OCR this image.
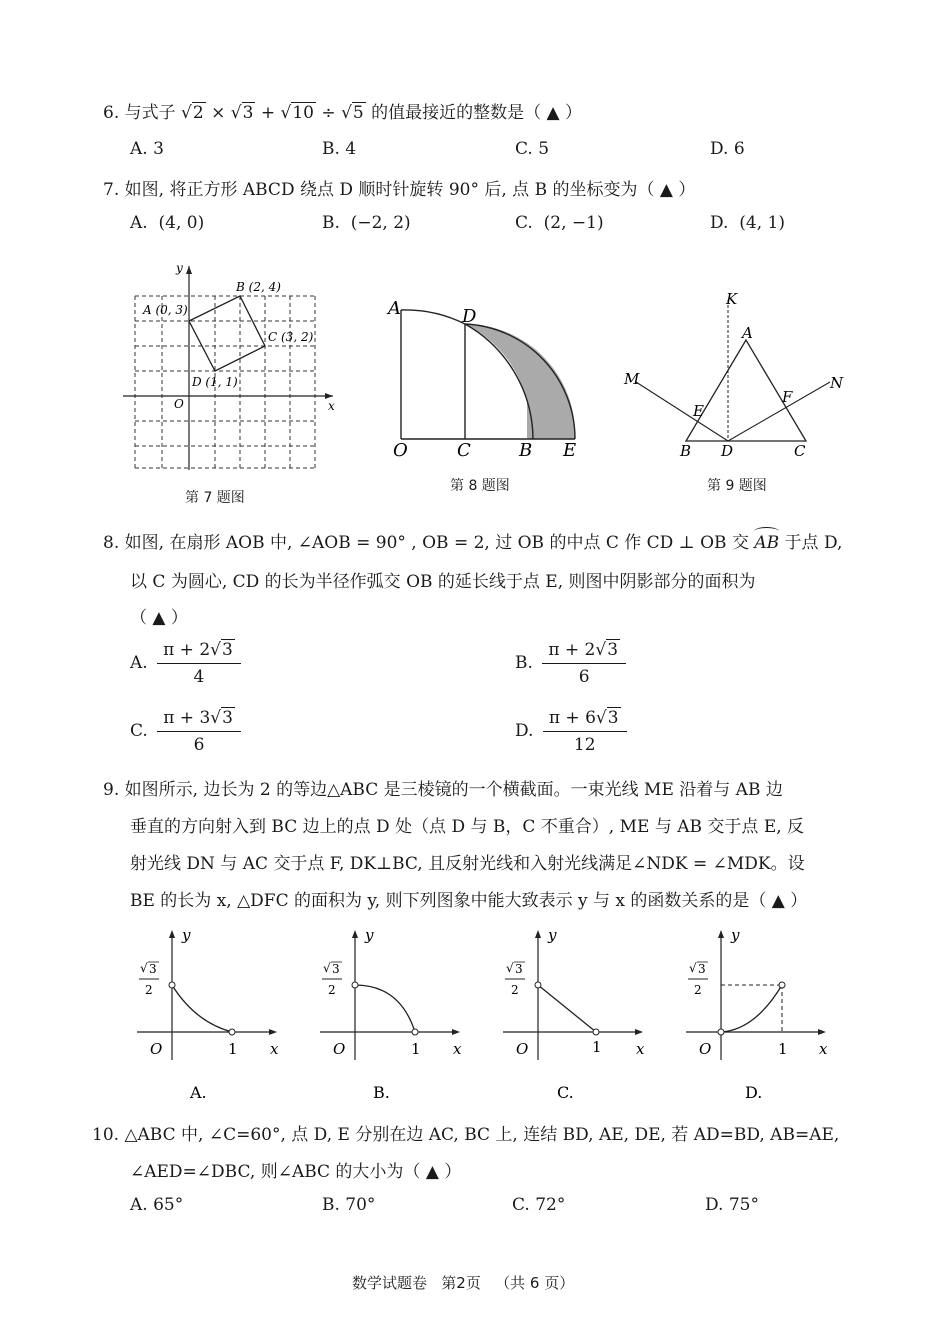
6. 与式子 √2 × √3 + √10 ÷ √5 的值最接近的整数是（ ▲ ）
A. 3	B. 4	C. 5	D. 6
7. 如图, 将正方形 ABCD 绕点 D 顺时针旋转 90° 后, 点 B 的坐标变为（ ▲ ）
A. (4, 0)	B. (−2, 2)	C. (2, −1)	D. (4, 1)
y
x
O
A (0, 3)
B (2, 4)
C (3, 2)
D (1, 1)
第 7 题图
A	D
O	C	B E
第 8 题图
K
A
M	N
E
F
B D	C
第 9 题图
8. 如图, 在扇形 AOB 中, ∠AOB = 90° , OB = 2, 过 OB 的中点 C 作 CD ⊥ OB 交 AB 于点 D,
以 C 为圆心, CD 的长为半径作弧交 OB 的延长线于点 E, 则图中阴影部分的面积为
（ ▲ ）
A. $\frac{\pi + 2√3}{4}$	B. $\frac{\pi + 2√3}{6}$
C. $\frac{\pi + 3√3}{6}$	D. $\frac{\pi + 6√3}{12}$
9. 如图所示, 边长为 2 的等边△ABC 是三棱镜的一个横截面。一束光线 ME 沿着与 AB 边
垂直的方向射入到 BC 边上的点 D 处（点 D 与 B，C 不重合）, ME 与 AB 交于点 E, 反
射光线 DN 与 AC 交于点 F, DK⊥BC, 且反射光线和入射光线满足∠NDK = ∠MDK。设
BE 的长为 x, △DFC 的面积为 y, 则下列图象中能大致表示 y 与 x 的函数关系的是（ ▲ ）
y
x
O
y
x
O
y
x
O
y
x
O
1	1	1	1
√ 3
2
√ 3
2
√ 3
2
√ 3
2
A.	B.	C.	D.
10. △ABC 中, ∠C=60°, 点 D, E 分别在边 AC, BC 上, 连结 BD, AE, DE, 若 AD=BD, AB=AE,
∠AED=∠DBC, 则∠ABC 的大小为（ ▲ ）
A. 65°	B. 70°	C. 72°	D. 75°
数学试题卷   第2页   （共 6 页）
